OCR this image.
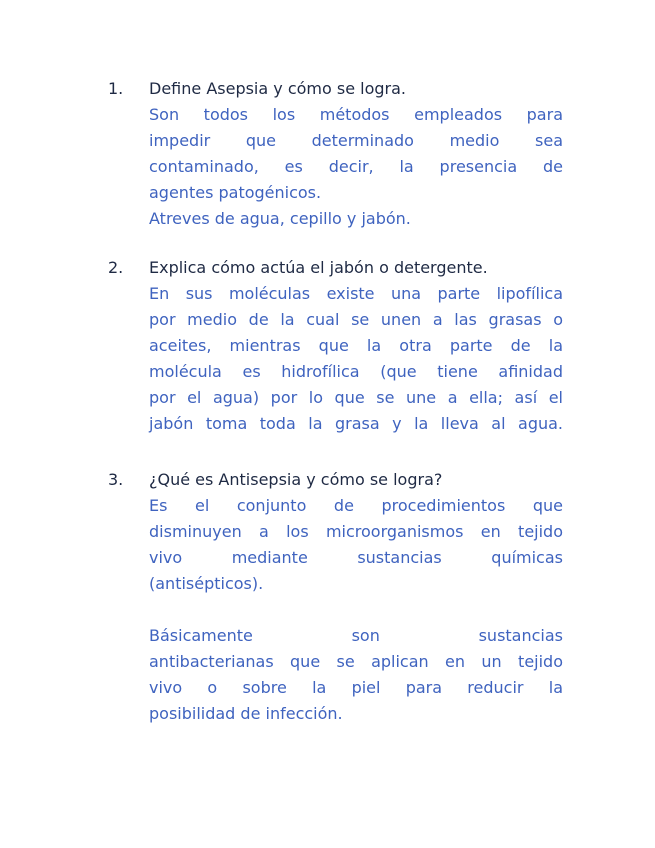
1. Define Asepsia y cómo se logra.
Son todos los métodos empleados para
impedir que determinado medio sea
contaminado, es decir, la presencia de
agentes patogénicos.
Atreves de agua, cepillo y jabón.
2. Explica cómo actúa el jabón o detergente.
En sus moléculas existe una parte lipofílica
por medio de la cual se unen a las grasas o
aceites, mientras que la otra parte de la
molécula es hidrofílica (que tiene afinidad
por el agua) por lo que se une a ella; así el
jabón toma toda la grasa y la lleva al agua.
3. ¿Qué es Antisepsia y cómo se logra?
Es el conjunto de procedimientos que
disminuyen a los microorganismos en tejido
vivo mediante sustancias químicas
(antisépticos).
Básicamente son sustancias
antibacterianas que se aplican en un tejido
vivo o sobre la piel para reducir la
posibilidad de infección.
